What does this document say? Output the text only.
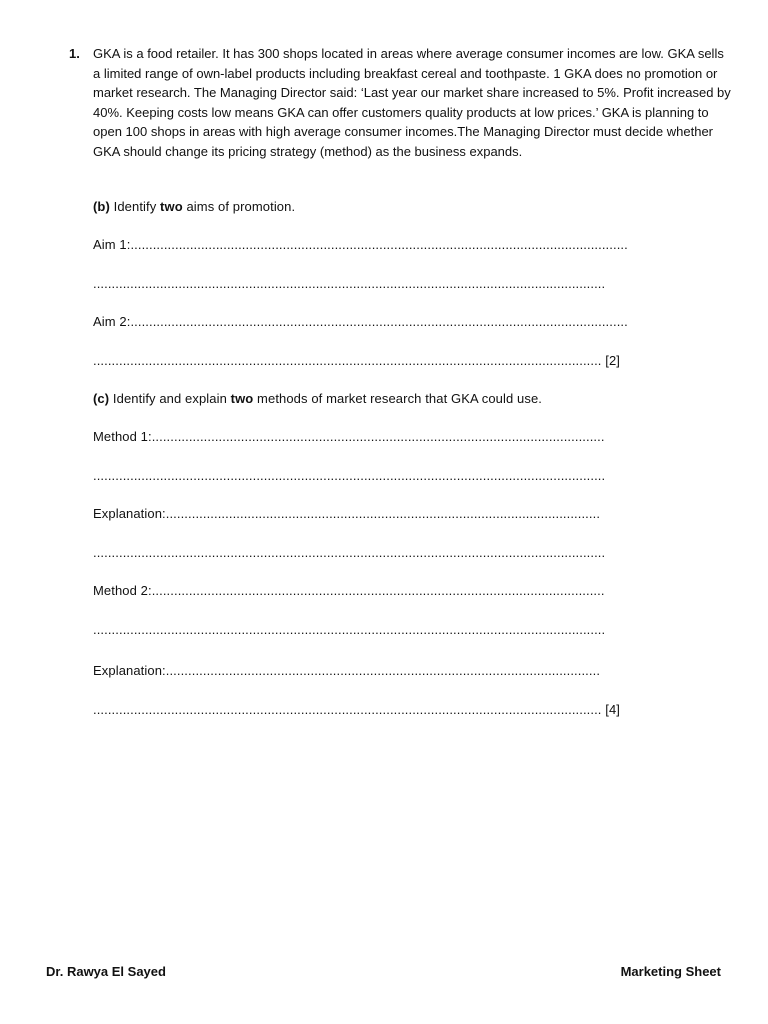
1. GKA is a food retailer. It has 300 shops located in areas where average consumer incomes are low. GKA sells a limited range of own-label products including breakfast cereal and toothpaste. 1 GKA does no promotion or market research. The Managing Director said: ‘Last year our market share increased to 5%. Profit increased by 40%. Keeping costs low means GKA can offer customers quality products at low prices.’ GKA is planning to open 100 shops in areas with high average consumer incomes.The Managing Director must decide whether GKA should change its pricing strategy (method) as the business expands.

(b) Identify two aims of promotion.
Aim 1:......................................................................................................................................
..........................................................................................................................................
Aim 2:......................................................................................................................................
......................................................................................................................................... [2]
(c) Identify and explain two methods of market research that GKA could use.
Method 1:..........................................................................................................................
..........................................................................................................................................
Explanation:.....................................................................................................................
..........................................................................................................................................
Method 2:..........................................................................................................................
..........................................................................................................................................
Explanation:.....................................................................................................................
......................................................................................................................................... [4]
Dr. Rawya El Sayed	Marketing Sheet
